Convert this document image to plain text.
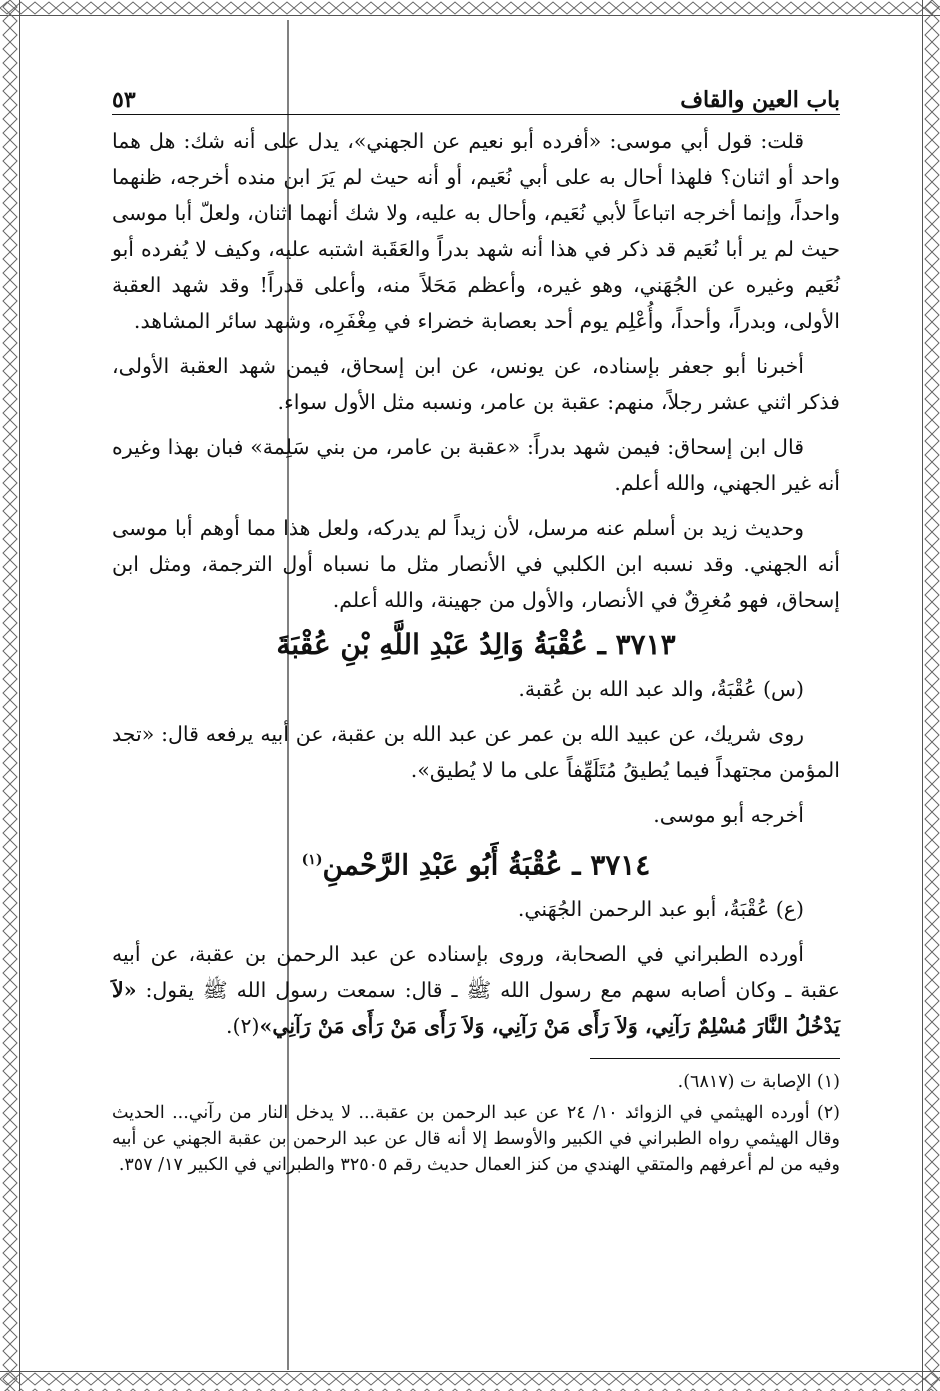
باب العين والقاف
٥٣

قلت: قول أبي موسى: «أفرده أبو نعيم عن الجهني»، يدل على أنه شك: هل هما واحد أو اثنان؟ فلهذا أحال به على أبي نُعَيم، أو أنه حيث لم يَرَ ابن منده أخرجه، ظنهما واحداً، وإنما أخرجه اتباعاً لأبي نُعَيم، وأحال به عليه، ولا شك أنهما اثنان، ولعلّ أبا موسى حيث لم ير أبا نُعَيم قد ذكر في هذا أنه شهد بدراً والعَقَبة اشتبه عليه، وكيف لا يُفرده أبو نُعَيم وغيره عن الجُهَني، وهو غيره، وأعظم مَحَلاً منه، وأعلى قدراً! وقد شهد العقبة الأولى، وبدراً، وأحداً، وأُعْلِم يوم أحد بعصابة خضراء في مِغْفَرِه، وشهد سائر المشاهد.

أخبرنا أبو جعفر بإسناده، عن يونس، عن ابن إسحاق، فيمن شهد العقبة الأولى، فذكر اثني عشر رجلاً، منهم: عقبة بن عامر، ونسبه مثل الأول سواء.

قال ابن إسحاق: فيمن شهد بدراً: «عقبة بن عامر، من بني سَلِمة» فبان بهذا وغيره أنه غير الجهني، والله أعلم.

وحديث زيد بن أسلم عنه مرسل، لأن زيداً لم يدركه، ولعل هذا مما أوهم أبا موسى أنه الجهني. وقد نسبه ابن الكلبي في الأنصار مثل ما نسباه أول الترجمة، ومثل ابن إسحاق، فهو مُغرِقٌ في الأنصار، والأول من جهينة، والله أعلم.

٣٧١٣ ـ عُقْبَةُ وَالِدُ عَبْدِ اللَّهِ بْنِ عُقْبَةَ

(س) عُقْبَةُ، والد عبد الله بن عُقبة.

روى شريك، عن عبيد الله بن عمر عن عبد الله بن عقبة، عن أبيه يرفعه قال: «تجد المؤمن مجتهداً فيما يُطيقُ مُتَلَهِّفاً على ما لا يُطيق».

أخرجه أبو موسى.

٣٧١٤ ـ عُقْبَةُ أَبُو عَبْدِ الرَّحْمنِ$^{(١)}$

(ع) عُقْبَةُ، أبو عبد الرحمن الجُهَني.

أورده الطبراني في الصحابة، وروى بإسناده عن عبد الرحمن بن عقبة، عن أبيه عقبة ـ وكان أصابه سهم مع رسول الله ﷺ ـ قال: سمعت رسول الله ﷺ يقول: «لاَ يَدْخُلُ النَّارَ مُسْلِمٌ رَآنِي، وَلاَ رَأَى مَنْ رَآنِي، وَلاَ رَأَى مَنْ رَأَى مَنْ رَآنِي»(٢).

(١) الإصابة ت (٦٨١٧).

(٢) أورده الهيثمي في الزوائد ١٠/ ٢٤ عن عبد الرحمن بن عقبة... لا يدخل النار من رآني... الحديث وقال الهيثمي رواه الطبراني في الكبير والأوسط إلا أنه قال عن عبد الرحمن بن عقبة الجهني عن أبيه وفيه من لم أعرفهم والمتقي الهندي من كنز العمال حديث رقم ٣٢٥٠٥ والطبراني في الكبير ١٧/ ٣٥٧.
